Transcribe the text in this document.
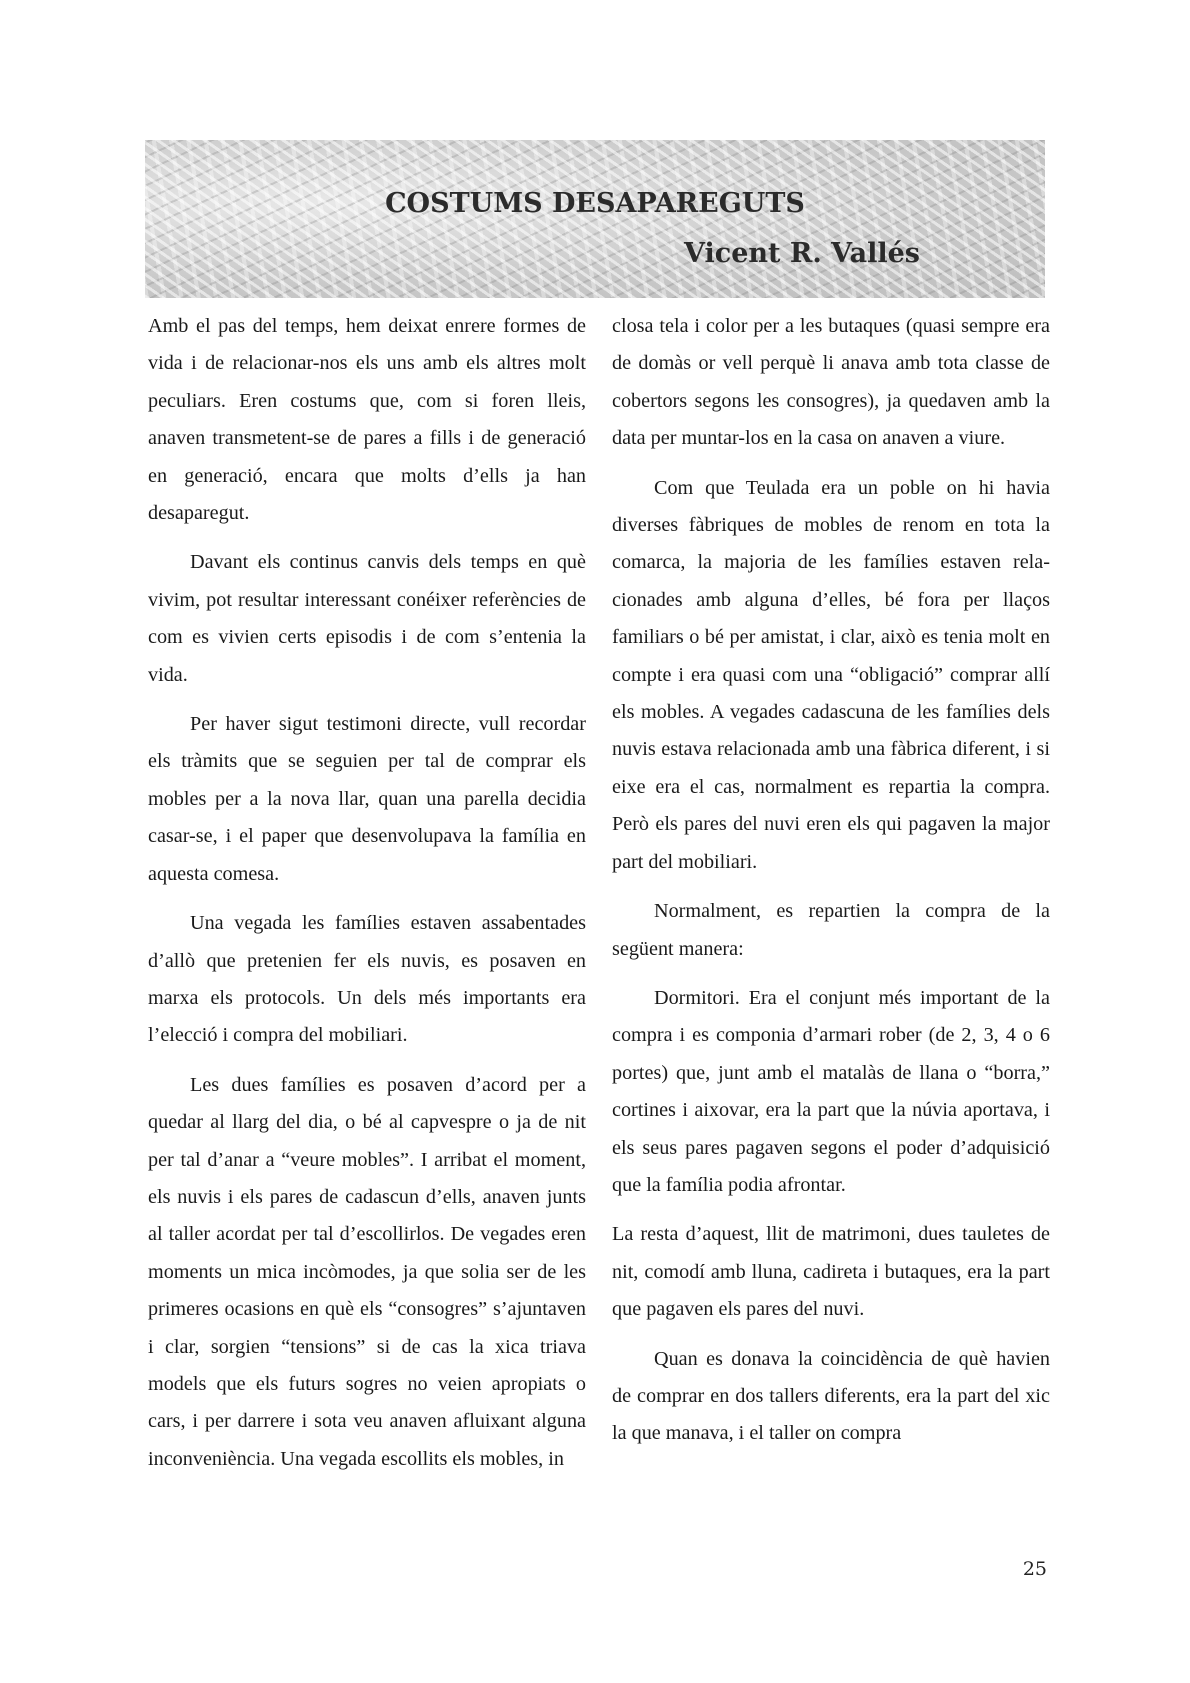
COSTUMS DESAPAREGUTS
Vicent R. Vallés

Amb el pas del temps, hem deixat enrere formes de vida i de relacionar-nos els uns amb els altres molt peculiars. Eren costums que, com si foren lleis, anaven transmetent-se de pares a fills i de generació en generació, encara que molts d’ells ja han desaparegut.

Davant els continus canvis dels temps en què vivim, pot resultar interessant conéixer referències de com es vivien certs episodis i de com s’entenia la vida.

Per haver sigut testimoni directe, vull recordar els tràmits que se seguien per tal de comprar els mobles per a la nova llar, quan una parella decidia casar-se, i el paper que desenvolupava la família en aquesta comesa.

Una vegada les famílies estaven assabentades d’allò que pretenien fer els nuvis, es posaven en marxa els protocols. Un dels més importants era l’elecció i compra del mobiliari.

Les dues famílies es posaven d’acord per a quedar al llarg del dia, o bé al capvespre o ja de nit per tal d’anar a “veure mobles”. I arribat el moment, els nuvis i els pares de cadascun d’ells, anaven junts al taller acordat per tal d’escollirlos. De vegades eren moments un mica incòmodes, ja que solia ser de les primeres ocasions en què els “consogres” s’ajuntaven i clar, sorgien “tensions” si de cas la xica triava models que els futurs sogres no veien apropiats o cars, i per darrere i sota veu anaven afluixant alguna inconveniència. Una vegada escollits els mobles, in

closa tela i color per a les butaques (quasi sempre era de domàs or vell perquè li anava amb tota classe de cobertors segons les consogres), ja quedaven amb la data per muntar-los en la casa on anaven a viure.

Com que Teulada era un poble on hi havia diverses fàbriques de mobles de renom en tota la comarca, la majoria de les famílies estaven relacionades amb alguna d’elles, bé fora per llaços familiars o bé per amistat, i clar, això es tenia molt en compte i era quasi com una “obligació” comprar allí els mobles. A vegades cadascuna de les famílies dels nuvis estava relacionada amb una fàbrica diferent, i si eixe era el cas, normalment es repartia la compra. Però els pares del nuvi eren els qui pagaven la major part del mobiliari.

Normalment, es repartien la compra de la següent manera:

Dormitori. Era el conjunt més important de la compra i es componia d’armari rober (de 2, 3, 4 o 6 portes) que, junt amb el matalàs de llana o “borra,” cortines i aixovar, era la part que la núvia aportava, i els seus pares pagaven segons el poder d’adquisició que la família podia afrontar.

La resta d’aquest, llit de matrimoni, dues tauletes de nit, comodí amb lluna, cadireta i butaques, era la part que pagaven els pares del nuvi.

Quan es donava la coincidència de què havien de comprar en dos tallers diferents, era la part del xic la que manava, i el taller on compra

25
